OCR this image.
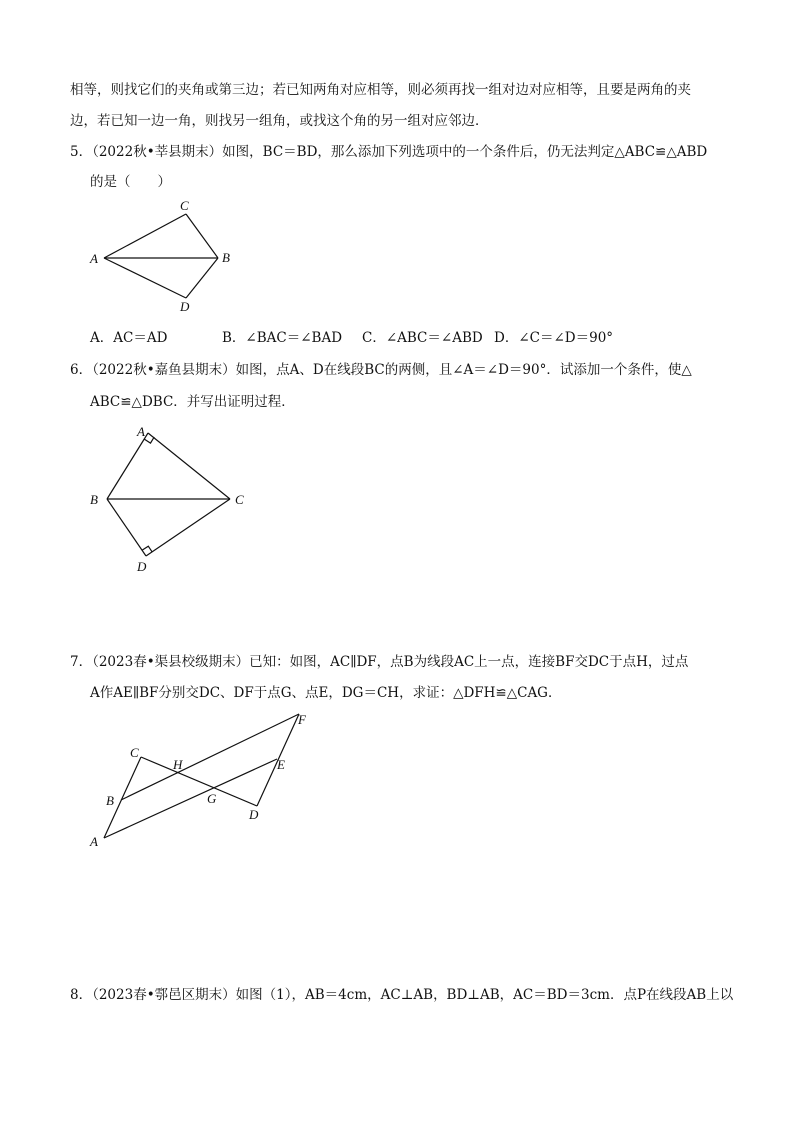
相等，则找它们的夹角或第三边；若已知两角对应相等，则必须再找一组对边对应相等，且要是两角的夹
边，若已知一边一角，则找另一组角，或找这个角的另一组对应邻边．
5．（2022秋•莘县期末）如图，BC＝BD，那么添加下列选项中的一个条件后，仍无法判定△ABC≌△ABD
的是（　　）
A	B
C
D
A．AC＝AD	B．∠BAC＝∠BAD C．∠ABC＝∠ABD D．∠C＝∠D＝90°
6．（2022秋•嘉鱼县期末）如图，点A、D在线段BC的两侧，且∠A＝∠D＝90°．试添加一个条件，使△
ABC≌△DBC．并写出证明过程．
A
B	C
D
7．（2023春•渠县校级期末）已知：如图，AC∥DF，点B为线段AC上一点，连接BF交DC于点H，过点
A作AE∥BF分别交DC、DF于点G、点E，DG＝CH，求证：△DFH≌△CAG．
A
B
C
D
E
F
G
H
8．（2023春•鄠邑区期末）如图（1），AB＝4cm，AC⊥AB，BD⊥AB，AC＝BD＝3cm．点P在线段AB上以
